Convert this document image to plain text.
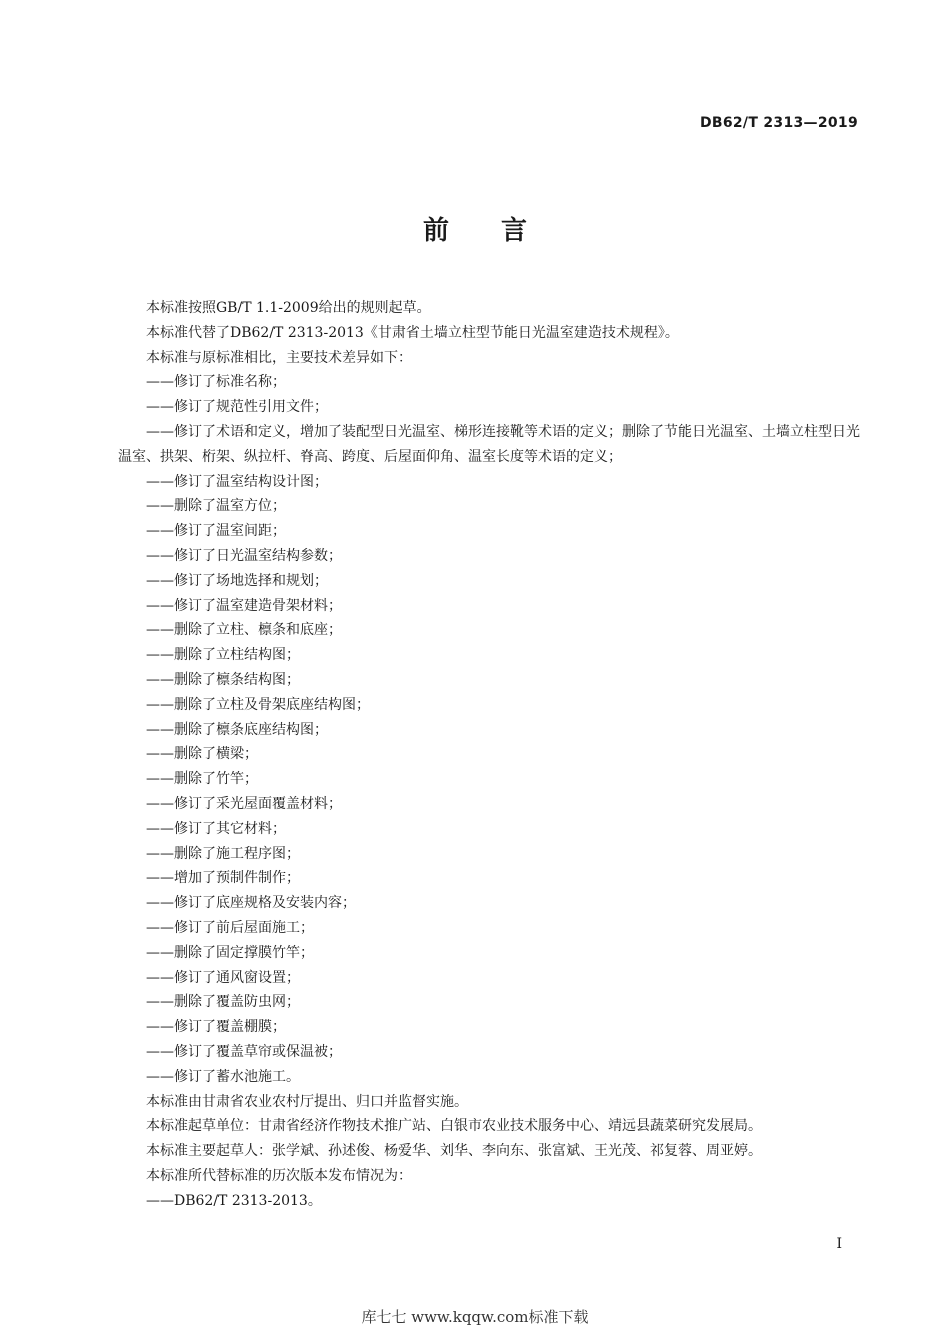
DB62/T 2313—2019
前　　言

本标准按照GB/T 1.1-2009给出的规则起草。

本标准代替了DB62/T 2313-2013《甘肃省土墙立柱型节能日光温室建造技术规程》。

本标准与原标准相比，主要技术差异如下：

——修订了标准名称；

——修订了规范性引用文件；

——修订了术语和定义，增加了装配型日光温室、梯形连接靴等术语的定义；删除了节能日光温室、土墙立柱型日光温室、拱架、桁架、纵拉杆、脊高、跨度、后屋面仰角、温室长度等术语的定义；

——修订了温室结构设计图；

——删除了温室方位；

——修订了温室间距；

——修订了日光温室结构参数；

——修订了场地选择和规划；

——修订了温室建造骨架材料；

——删除了立柱、檩条和底座；

——删除了立柱结构图；

——删除了檩条结构图；

——删除了立柱及骨架底座结构图；

——删除了檩条底座结构图；

——删除了横梁；

——删除了竹竿；

——修订了采光屋面覆盖材料；

——修订了其它材料；

——删除了施工程序图；

——增加了预制件制作；

——修订了底座规格及安装内容；

——修订了前后屋面施工；

——删除了固定撑膜竹竿；

——修订了通风窗设置；

——删除了覆盖防虫网；

——修订了覆盖棚膜；

——修订了覆盖草帘或保温被；

——修订了蓄水池施工。

本标准由甘肃省农业农村厅提出、归口并监督实施。

本标准起草单位：甘肃省经济作物技术推广站、白银市农业技术服务中心、靖远县蔬菜研究发展局。

本标准主要起草人：张学斌、孙述俊、杨爱华、刘华、李向东、张富斌、王光茂、祁复蓉、周亚婷。

本标准所代替标准的历次版本发布情况为：

——DB62/T 2313-2013。

I
库七七 www.kqqw.com标准下载
